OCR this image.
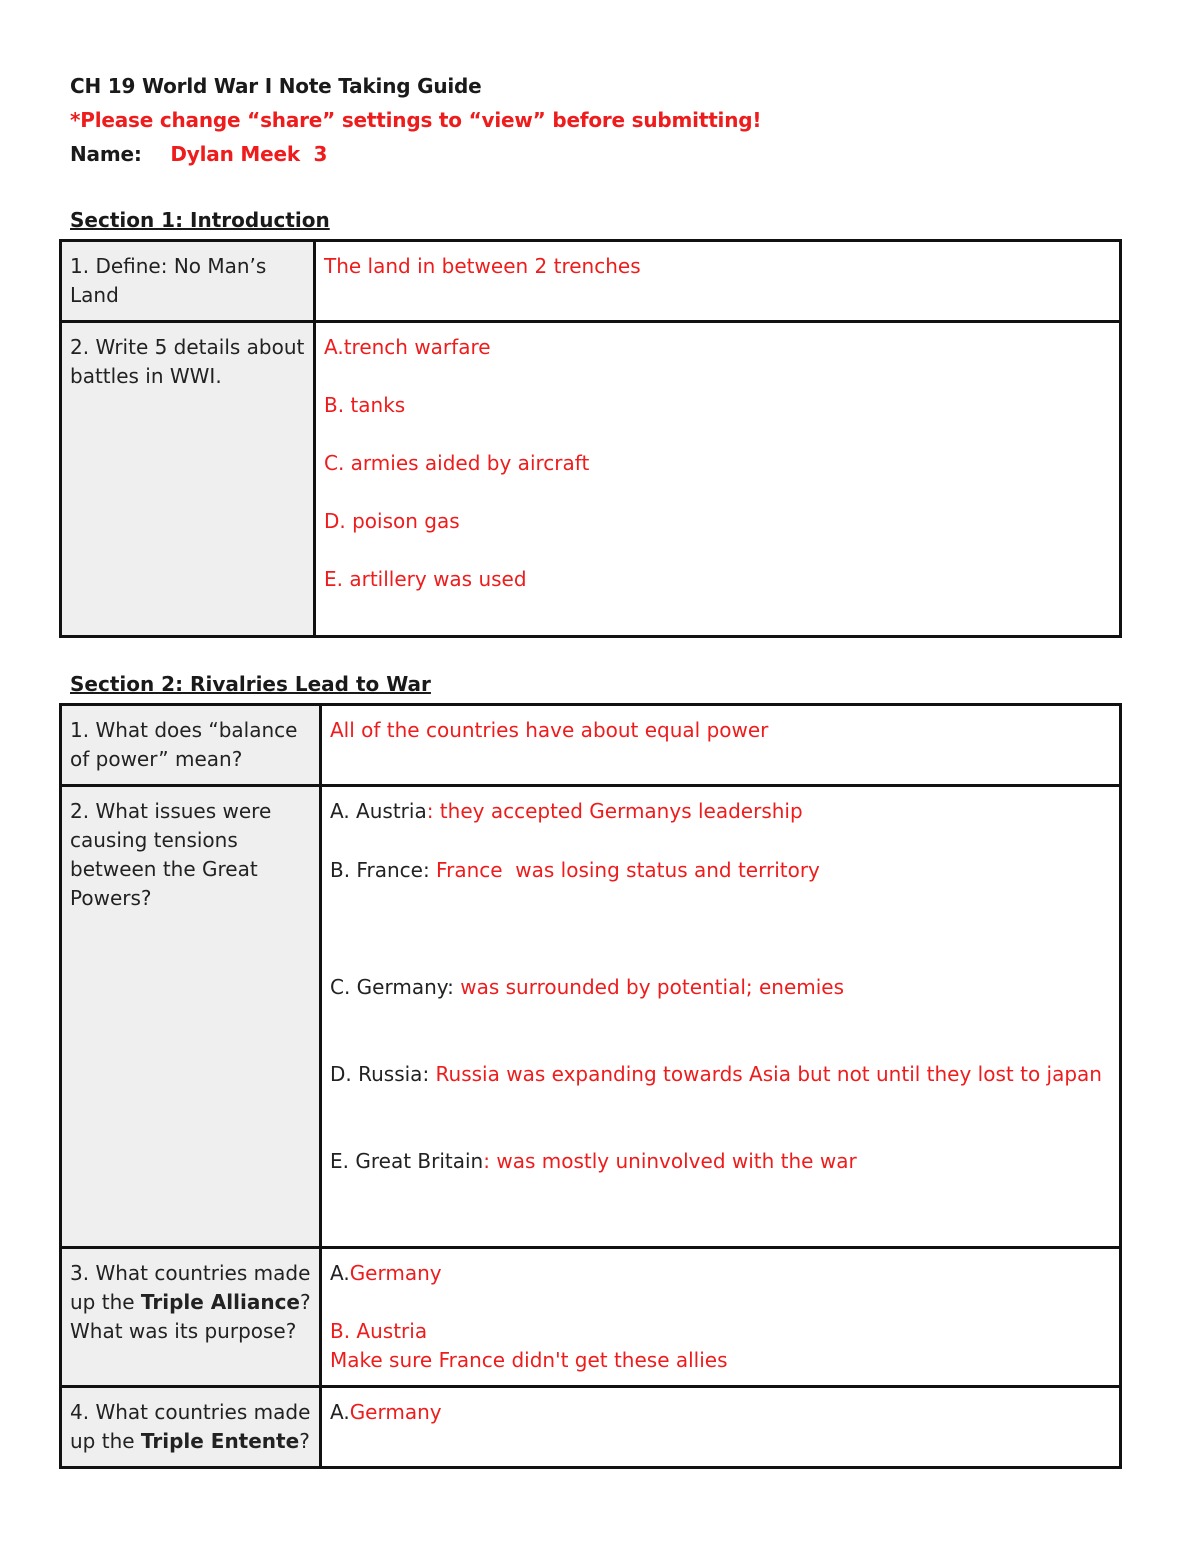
CH 19 World War I Note Taking Guide
*Please change “share” settings to “view” before submitting!
Name: Dylan Meek  3
Section 1: Introduction
1. Define: No Man’s Land	The land in between 2 trenches
2. Write 5 details about battles in WWI.	A.trench warfare
B. tanks
C. armies aided by aircraft
D. poison gas
E. artillery was used
Section 2: Rivalries Lead to War
1. What does “balance of power” mean?	All of the countries have about equal power
2. What issues were causing tensions between the Great Powers?	A. Austria: they accepted Germanys leadership
B. France: France  was losing status and territory
C. Germany: was surrounded by potential; enemies
D. Russia: Russia was expanding towards Asia but not until they lost to japan
E. Great Britain: was mostly uninvolved with the war

3. What countries made up the Triple Alliance? What was its purpose?	A.Germany
B. Austria
Make sure France didn't get these allies

4. What countries made up the Triple Entente?	A.Germany
